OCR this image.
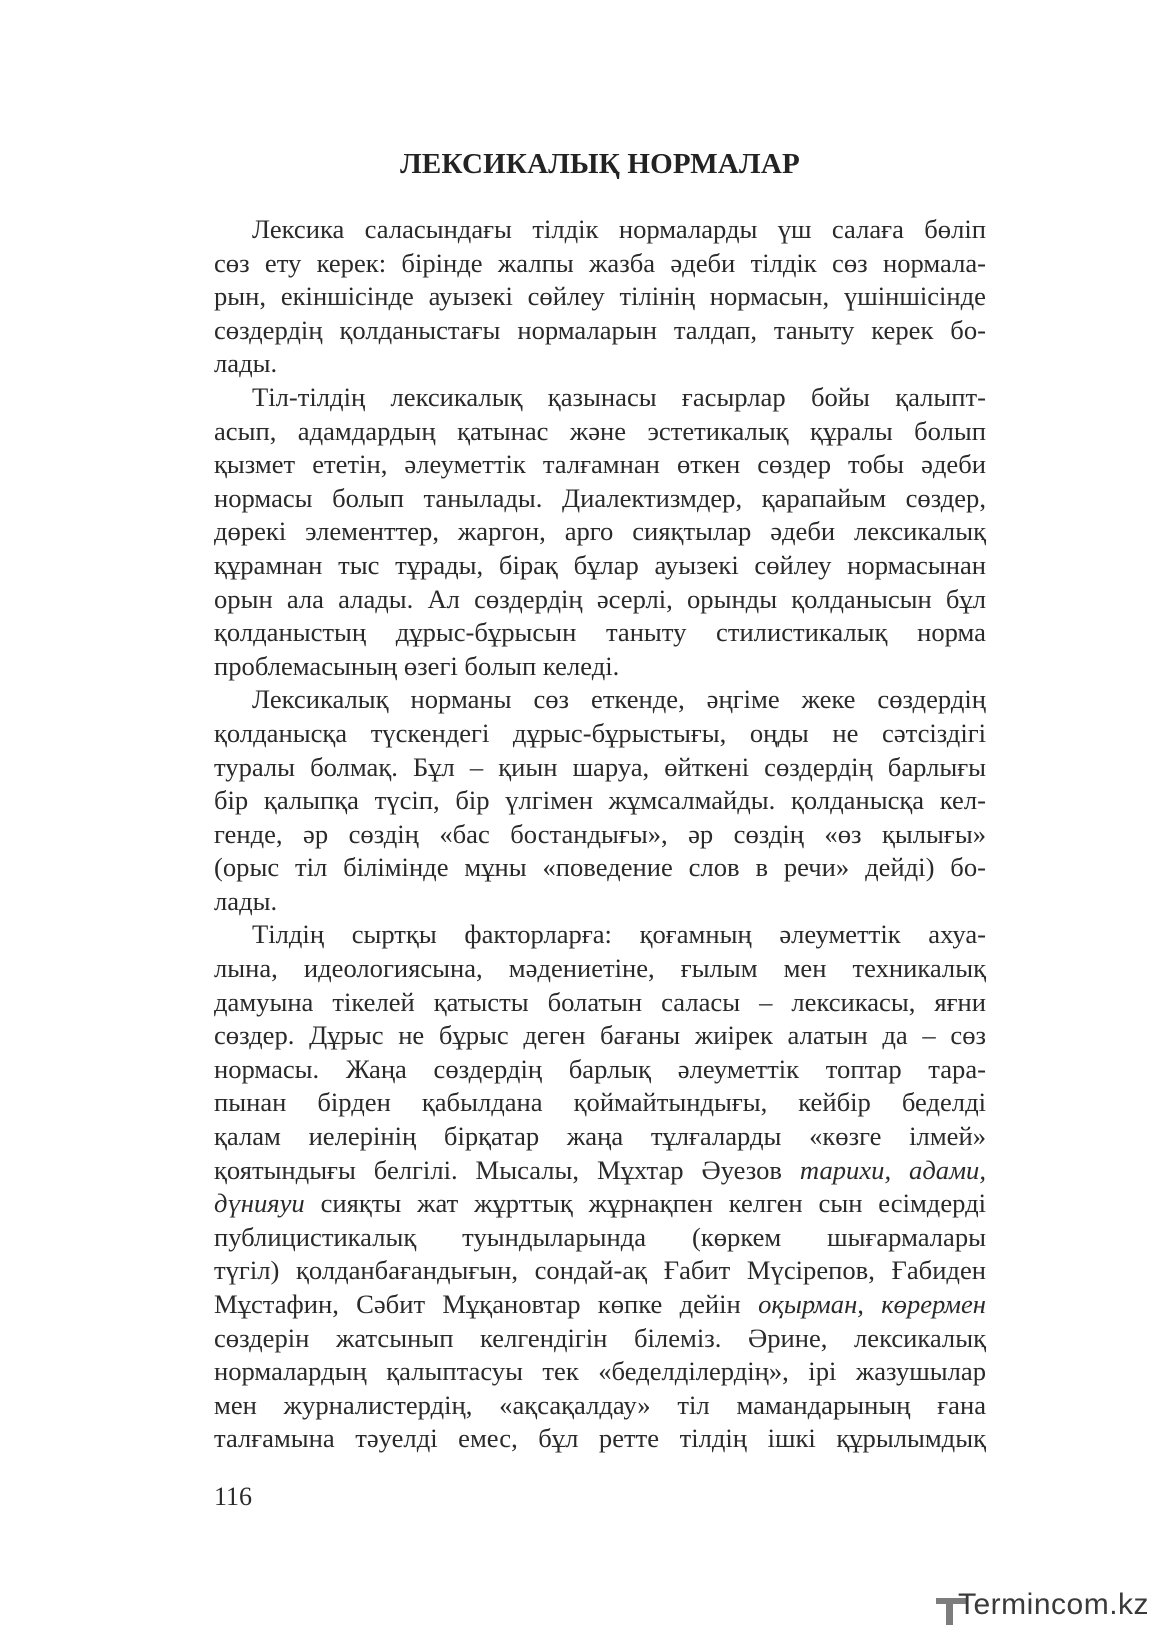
ЛЕКСИКАЛЫҚ НОРМАЛАР

Лексика саласындағы тілдік нормаларды үш салаға бөліп
сөз ету керек: бірінде жалпы жазба әдеби тілдік сөз нормала-
рын, екіншісінде ауызекі сөйлеу тілінің нормасын, үшіншісінде
сөздердің қолданыстағы нормаларын талдап, таныту керек бо-
лады.

Тіл-тілдің лексикалық қазынасы ғасырлар бойы қалыпт-
асып, адамдардың қатынас және эстетикалық құралы болып
қызмет ететін, әлеуметтік талғамнан өткен сөздер тобы әдеби
нормасы болып танылады. Диалектизмдер, қарапайым сөздер,
дөрекі элементтер, жаргон, арго сияқтылар әдеби лексикалық
құрамнан тыс тұрады, бірақ бұлар ауызекі сөйлеу нормасынан
орын ала алады. Ал сөздердің әсерлі, орынды қолданысын бұл
қолданыстың дұрыс-бұрысын таныту стилистикалық норма
проблемасының өзегі болып келеді.

Лексикалық норманы сөз еткенде, әңгіме жеке сөздердің
қолданысқа түскендегі дұрыс-бұрыстығы, оңды не сәтсіздігі
туралы болмақ. Бұл – қиын шаруа, өйткені сөздердің барлығы
бір қалыпқа түсіп, бір үлгімен жұмсалмайды. қолданысқа кел-
генде, әр сөздің «бас бостандығы», әр сөздің «өз қылығы»
(орыс тіл білімінде мұны «поведение слов в речи» дейді) бо-
лады.

Тілдің сыртқы факторларға: қоғамның әлеуметтік ахуа-
лына, идеологиясына, мәдениетіне, ғылым мен техникалық
дамуына тікелей қатысты болатын саласы – лексикасы, яғни
сөздер. Дұрыс не бұрыс деген бағаны жиірек алатын да – сөз
нормасы. Жаңа сөздердің барлық әлеуметтік топтар тара-
пынан бірден қабылдана қоймайтындығы, кейбір беделді
қалам иелерінің бірқатар жаңа тұлғаларды «көзге ілмей»
қоятындығы белгілі. Мысалы, Мұхтар Әуезов тарихи, адами,
дүнияуи сияқты жат жұрттық жұрнақпен келген сын есімдерді
публицистикалық туындыларында (көркем шығармалары
түгіл) қолданбағандығын, сондай-ақ Ғабит Мүсірепов, Ғабиден
Мұстафин, Сәбит Мұқановтар көпке дейін оқырман, көрермен
сөздерін жатсынып келгендігін білеміз. Әрине, лексикалық
нормалардың қалыптасуы тек «беделділердің», ірі жазушылар
мен журналистердің, «ақсақалдау» тіл мамандарының ғана
талғамына тәуелді емес, бұл ретте тілдің ішкі құрылымдық

116
Termincom.kz
